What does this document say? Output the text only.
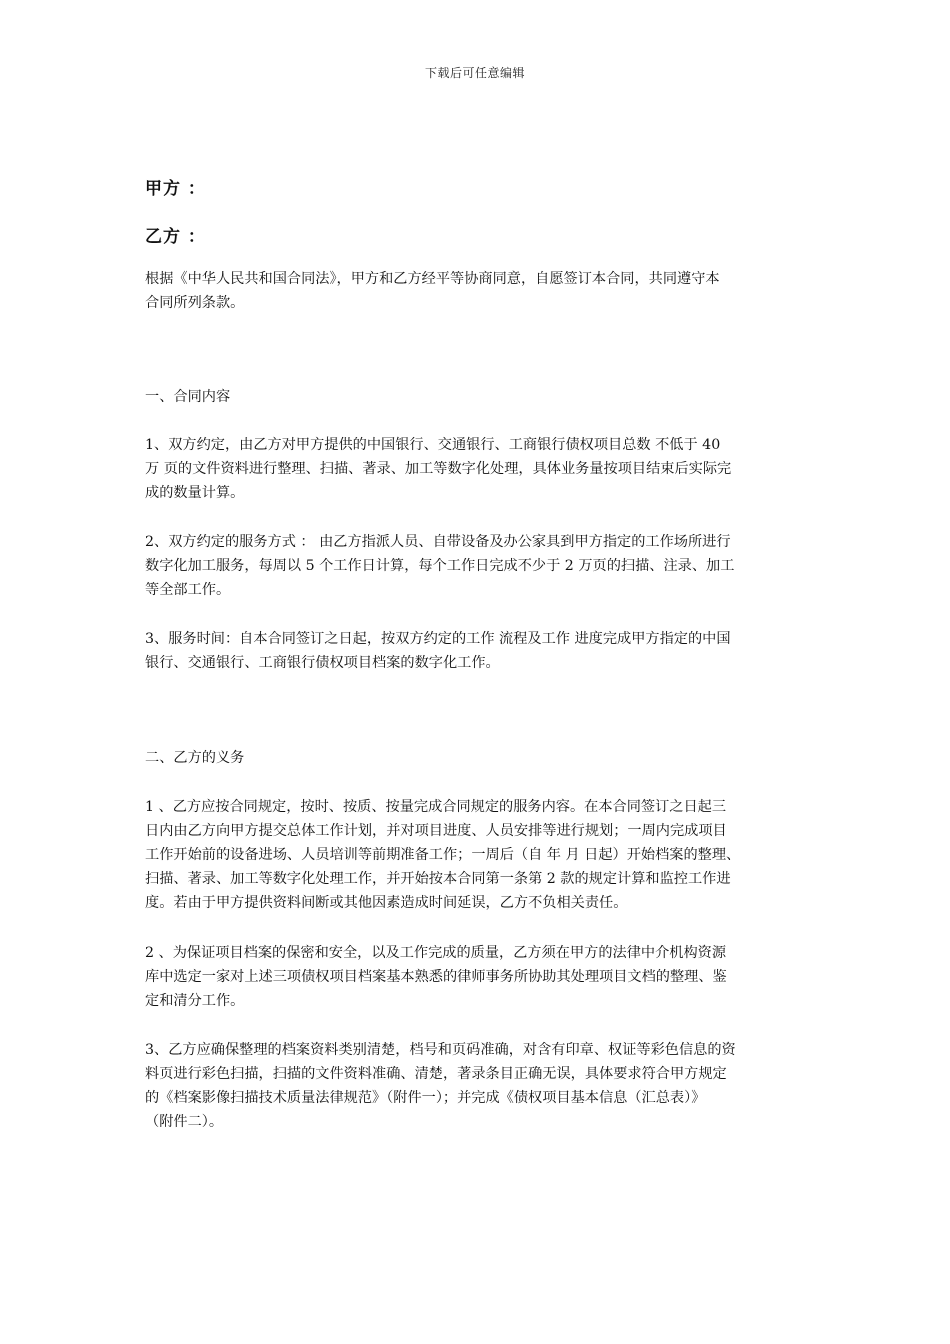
下载后可任意编辑
甲方 ：
乙方 ：
根据《中华人民共和国合同法》，甲方和乙方经平等协商同意，自愿签订本合同，共同遵守本
合同所列条款。
一、合同内容
1、双方约定，由乙方对甲方提供的中国银行、交通银行、工商银行债权项目总数 不低于 40
万 页的文件资料进行整理、扫描、著录、加工等数字化处理，具体业务量按项目结束后实际完
成的数量计算。
2、双方约定的服务方式 ： 由乙方指派人员、自带设备及办公家具到甲方指定的工作场所进行
数字化加工服务，每周以 5 个工作日计算，每个工作日完成不少于 2 万页的扫描、注录、加工
等全部工作。
3、服务时间：自本合同签订之日起，按双方约定的工作 流程及工作 进度完成甲方指定的中国
银行、交通银行、工商银行债权项目档案的数字化工作。
二、乙方的义务
1 、乙方应按合同规定，按时、按质、按量完成合同规定的服务内容。在本合同签订之日起三
日内由乙方向甲方提交总体工作计划，并对项目进度、人员安排等进行规划；一周内完成项目
工作开始前的设备进场、人员培训等前期准备工作；一周后（自 年 月 日起）开始档案的整理、
扫描、著录、加工等数字化处理工作，并开始按本合同第一条第 2 款的规定计算和监控工作进
度。若由于甲方提供资料间断或其他因素造成时间延误，乙方不负相关责任。
2 、为保证项目档案的保密和安全，以及工作完成的质量，乙方须在甲方的法律中介机构资源
库中选定一家对上述三项债权项目档案基本熟悉的律师事务所协助其处理项目文档的整理、鉴
定和清分工作。
3、乙方应确保整理的档案资料类别清楚，档号和页码准确，对含有印章、权证等彩色信息的资
料页进行彩色扫描，扫描的文件资料准确、清楚，著录条目正确无误，具体要求符合甲方规定
的《档案影像扫描技术质量法律规范》（附件一）；并完成《债权项目基本信息（汇总表）》
（附件二）。
